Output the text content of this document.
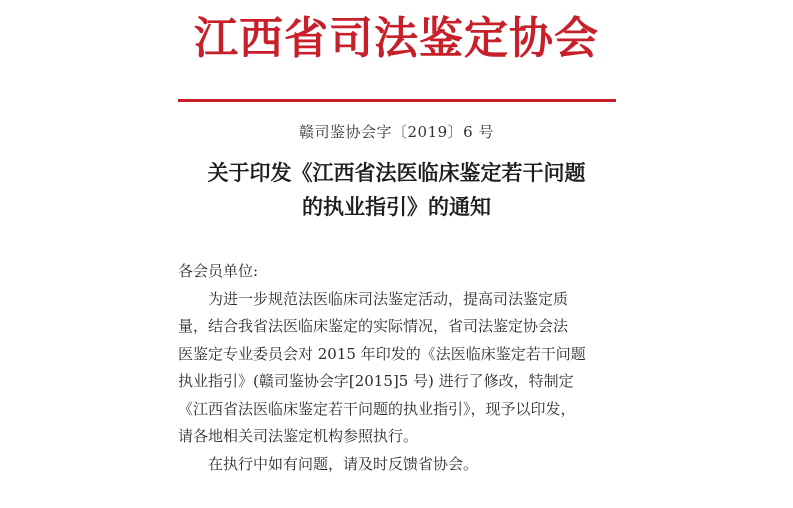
江西省司法鉴定协会
赣司鉴协会字〔2019〕6 号
关于印发《江西省法医临床鉴定若干问题
的执业指引》的通知
各会员单位:
为进一步规范法医临床司法鉴定活动，提高司法鉴定质
量，结合我省法医临床鉴定的实际情况，省司法鉴定协会法
医鉴定专业委员会对 2015 年印发的《法医临床鉴定若干问题
执业指引》(赣司鉴协会字[2015]5 号) 进行了修改，特制定
《江西省法医临床鉴定若干问题的执业指引》，现予以印发，
请各地相关司法鉴定机构参照执行。
在执行中如有问题，请及时反馈省协会。
